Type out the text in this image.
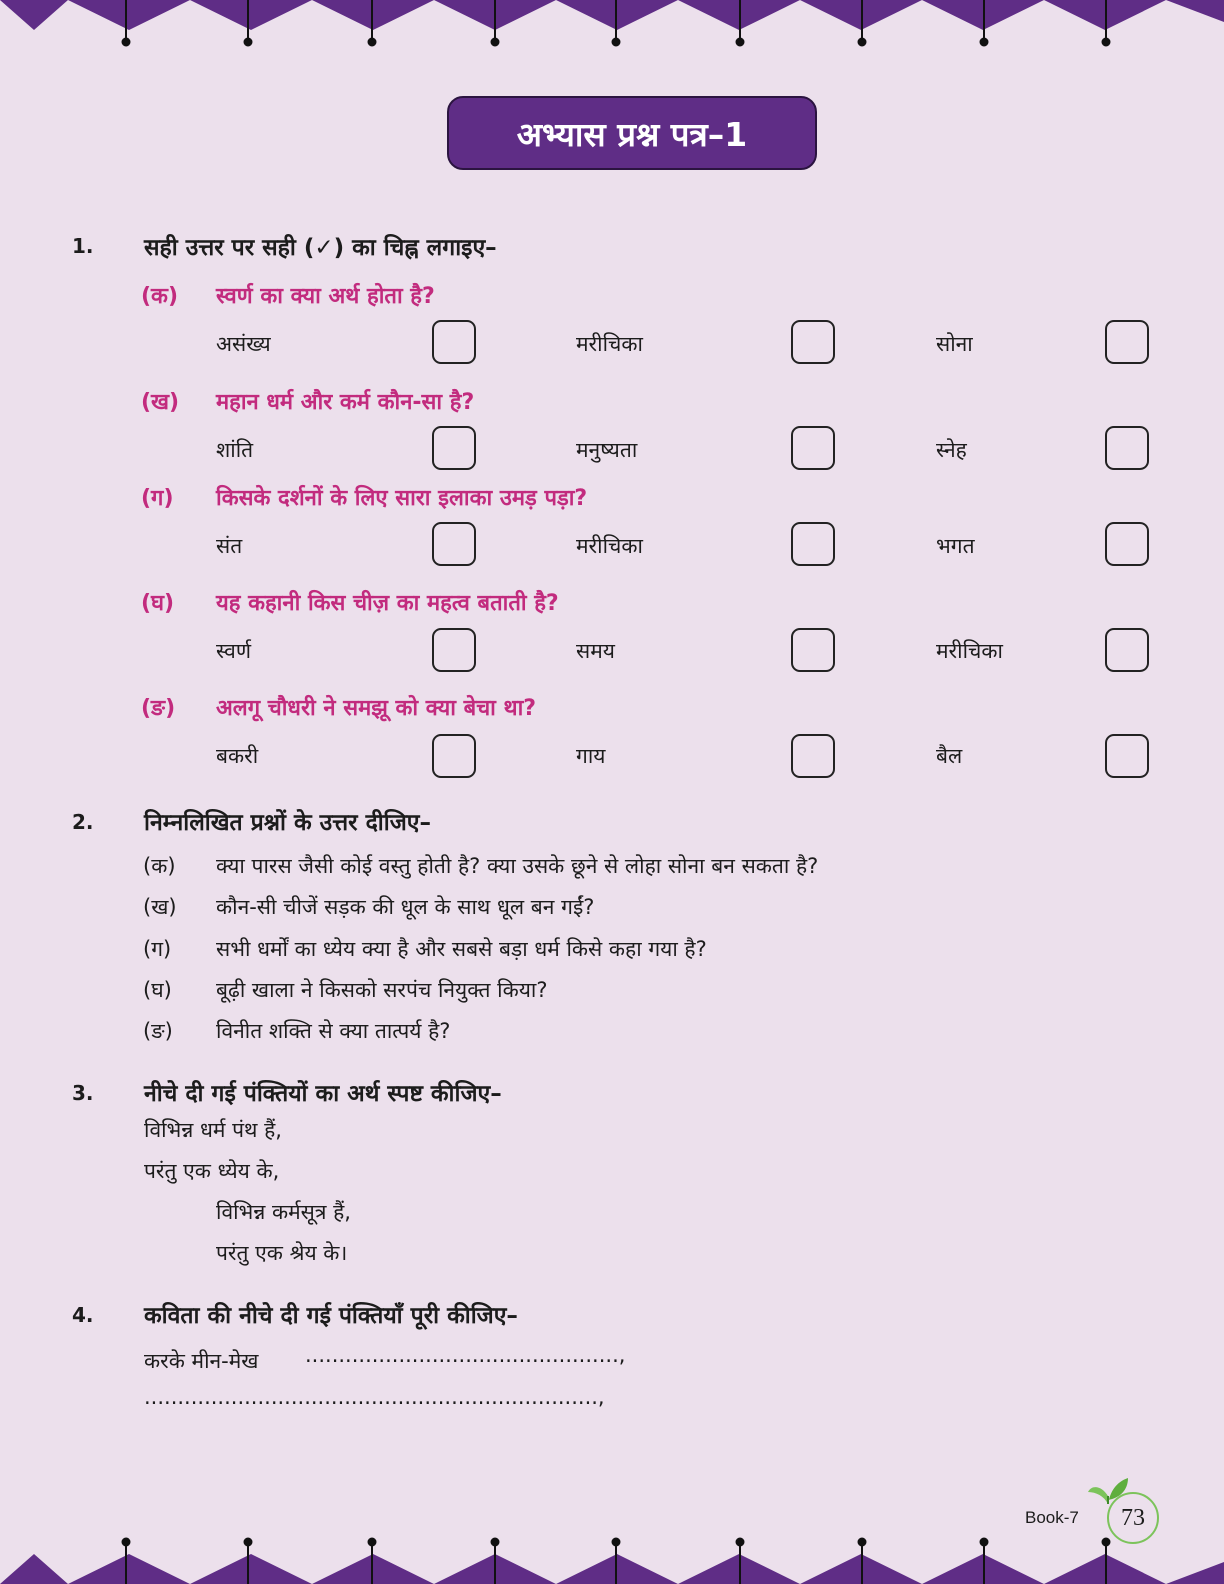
अभ्यास प्रश्न पत्र–1
1. सही उत्तर पर सही (✓) का चिह्न लगाइए–
(क) स्वर्ण का क्या अर्थ होता है?
असंख्य	मरीचिका	सोना
(ख) महान धर्म और कर्म कौन-सा है?
शांति	मनुष्यता	स्नेह
(ग) किसके दर्शनों के लिए सारा इलाका उमड़ पड़ा?
संत	मरीचिका	भगत
(घ) यह कहानी किस चीज़ का महत्व बताती है?
स्वर्ण	समय	मरीचिका
(ङ) अलगू चौधरी ने समझू को क्या बेचा था?
बकरी	गाय	बैल
2. निम्नलिखित प्रश्नों के उत्तर दीजिए–
(क) क्या पारस जैसी कोई वस्तु होती है? क्या उसके छूने से लोहा सोना बन सकता है?
(ख) कौन-सी चीजें सड़क की धूल के साथ धूल बन गईं?
(ग) सभी धर्मों का ध्येय क्या है और सबसे बड़ा धर्म किसे कहा गया है?
(घ) बूढ़ी खाला ने किसको सरपंच नियुक्त किया?
(ङ) विनीत शक्ति से क्या तात्पर्य है?
3. नीचे दी गई पंक्तियों का अर्थ स्पष्ट कीजिए–
विभिन्न धर्म पंथ हैं,
परंतु एक ध्येय के,
विभिन्न कर्मसूत्र हैं,
परंतु एक श्रेय के।
4. कविता की नीचे दी गई पंक्तियाँ पूरी कीजिए–
करके मीन-मेख ...............................................,
....................................................................,
Book-7	73
